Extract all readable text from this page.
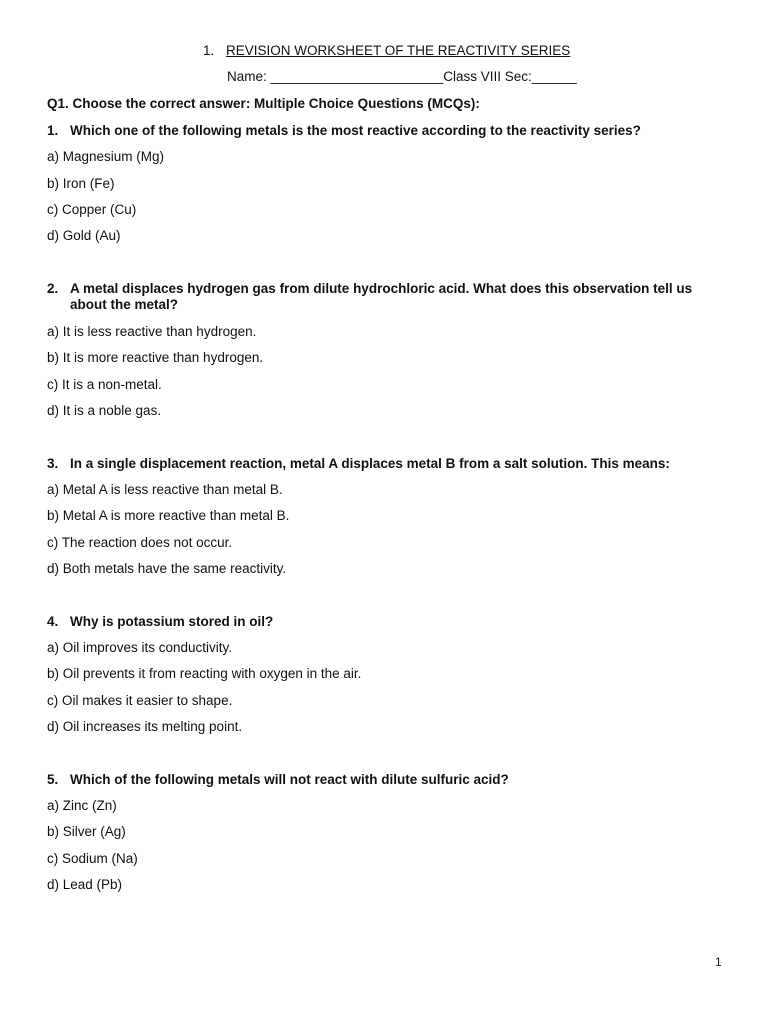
1. REVISION WORKSHEET OF THE REACTIVITY SERIES
Name: _______________________Class VIII Sec:______
Q1. Choose the correct answer: Multiple Choice Questions (MCQs):
1. Which one of the following metals is the most reactive according to the reactivity series?
a) Magnesium (Mg)
b) Iron (Fe)
c) Copper (Cu)
d) Gold (Au)
2. A metal displaces hydrogen gas from dilute hydrochloric acid. What does this observation tell us about the metal?
a) It is less reactive than hydrogen.
b) It is more reactive than hydrogen.
c) It is a non-metal.
d) It is a noble gas.
3. In a single displacement reaction, metal A displaces metal B from a salt solution. This means:
a) Metal A is less reactive than metal B.
b) Metal A is more reactive than metal B.
c) The reaction does not occur.
d) Both metals have the same reactivity.
4. Why is potassium stored in oil?
a) Oil improves its conductivity.
b) Oil prevents it from reacting with oxygen in the air.
c) Oil makes it easier to shape.
d) Oil increases its melting point.
5. Which of the following metals will not react with dilute sulfuric acid?
a) Zinc (Zn)
b) Silver (Ag)
c) Sodium (Na)
d) Lead (Pb)
1
